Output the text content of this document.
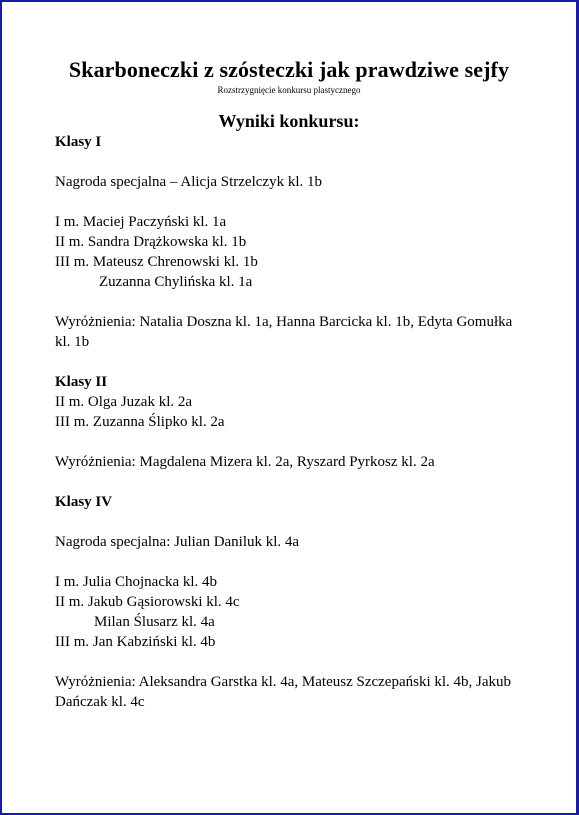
Skarboneczki z szósteczki jak prawdziwe sejfy
Rozstrzygnięcie konkursu plastycznego
Wyniki konkursu:
Klasy I
Nagroda specjalna – Alicja Strzelczyk kl. 1b
I m. Maciej Paczyński kl. 1a
II m. Sandra Drążkowska kl. 1b
III m. Mateusz Chrenowski kl. 1b
Zuzanna Chylińska kl. 1a
Wyróżnienia: Natalia Doszna kl. 1a, Hanna Barcicka kl. 1b, Edyta Gomułka kl. 1b
Klasy II
II m. Olga Juzak kl. 2a
III m. Zuzanna Ślipko kl. 2a
Wyróżnienia: Magdalena Mizera kl. 2a, Ryszard Pyrkosz kl. 2a
Klasy IV
Nagroda specjalna: Julian Daniluk kl. 4a
I m. Julia Chojnacka kl. 4b
II m. Jakub Gąsiorowski kl. 4c
Milan Ślusarz kl. 4a
III m. Jan Kabziński kl. 4b
Wyróżnienia: Aleksandra Garstka kl. 4a, Mateusz Szczepański kl. 4b, Jakub Dańczak kl. 4c
